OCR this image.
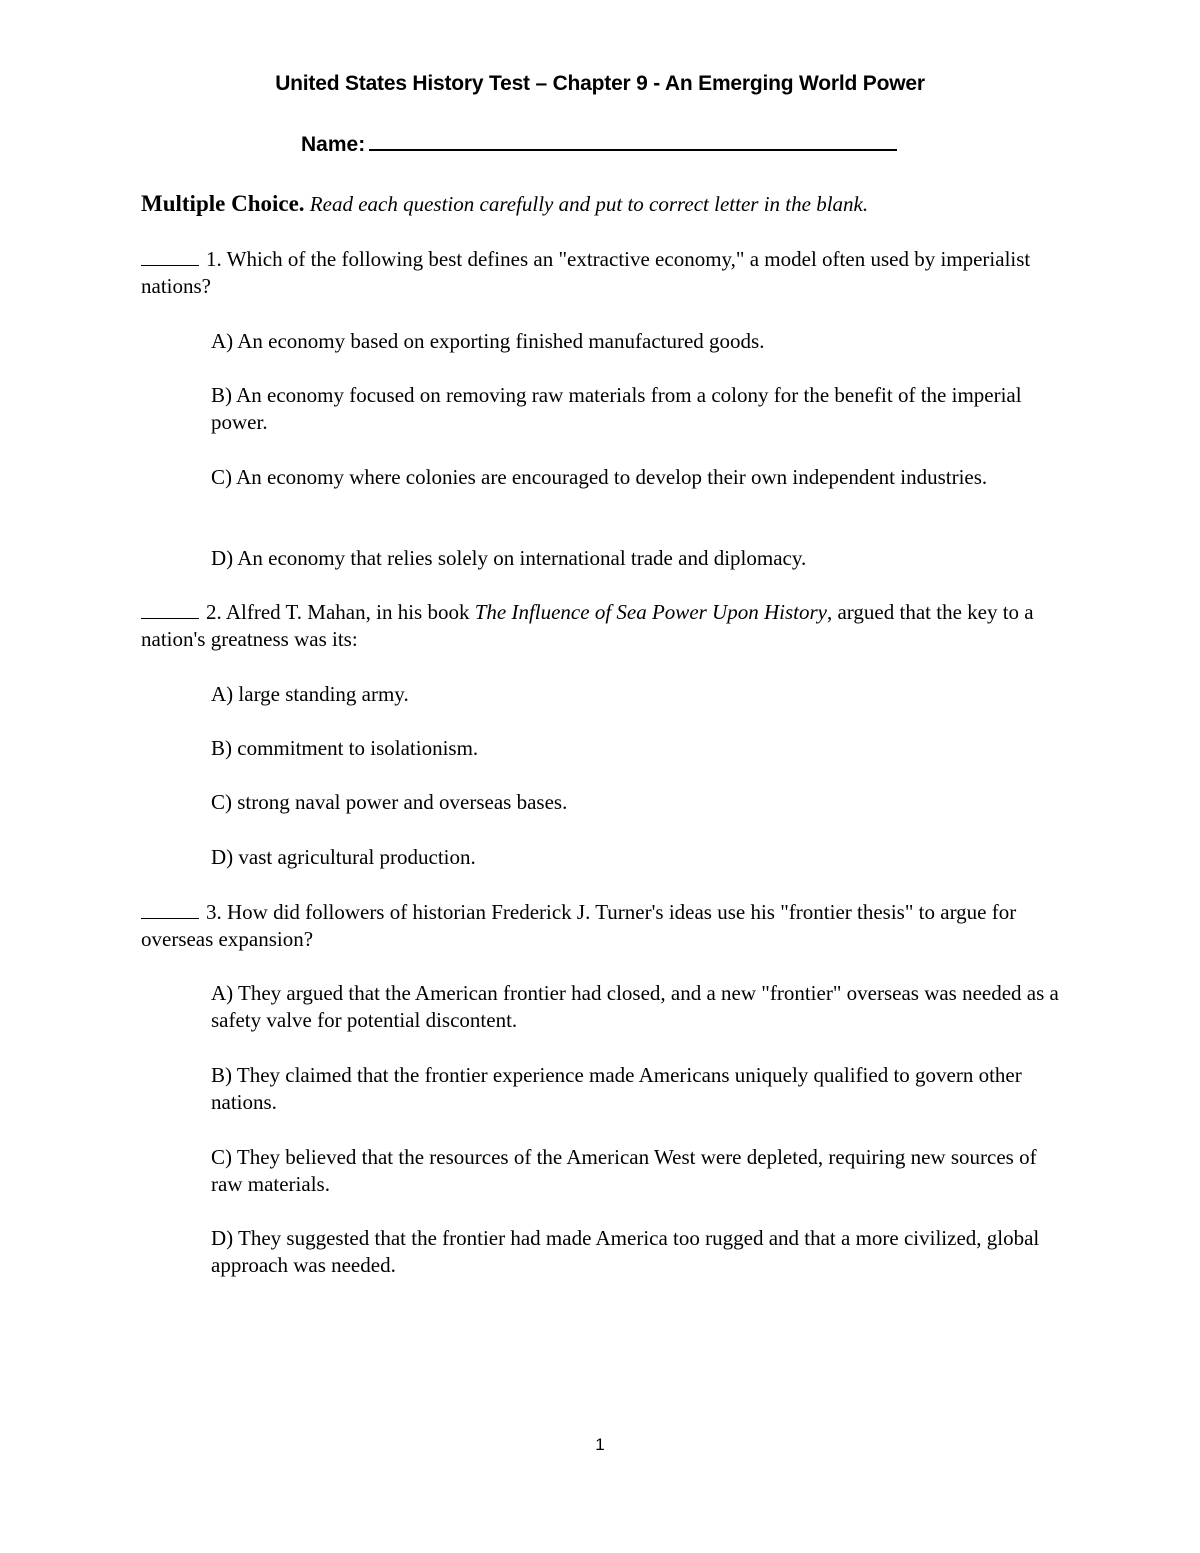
United States History Test – Chapter 9 - An Emerging World Power
Name:
Multiple Choice. Read each question carefully and put to correct letter in the blank.
1. Which of the following best defines an "extractive economy," a model often used by imperialist nations?
A) An economy based on exporting finished manufactured goods.
B) An economy focused on removing raw materials from a colony for the benefit of the imperial power.
C) An economy where colonies are encouraged to develop their own independent industries.
D) An economy that relies solely on international trade and diplomacy.
2. Alfred T. Mahan, in his book The Influence of Sea Power Upon History, argued that the key to a nation's greatness was its:
A) large standing army.
B) commitment to isolationism.
C) strong naval power and overseas bases.
D) vast agricultural production.
3. How did followers of historian Frederick J. Turner's ideas use his "frontier thesis" to argue for overseas expansion?
A) They argued that the American frontier had closed, and a new "frontier" overseas was needed as a safety valve for potential discontent.
B) They claimed that the frontier experience made Americans uniquely qualified to govern other nations.
C) They believed that the resources of the American West were depleted, requiring new sources of raw materials.
D) They suggested that the frontier had made America too rugged and that a more civilized, global approach was needed.
1
